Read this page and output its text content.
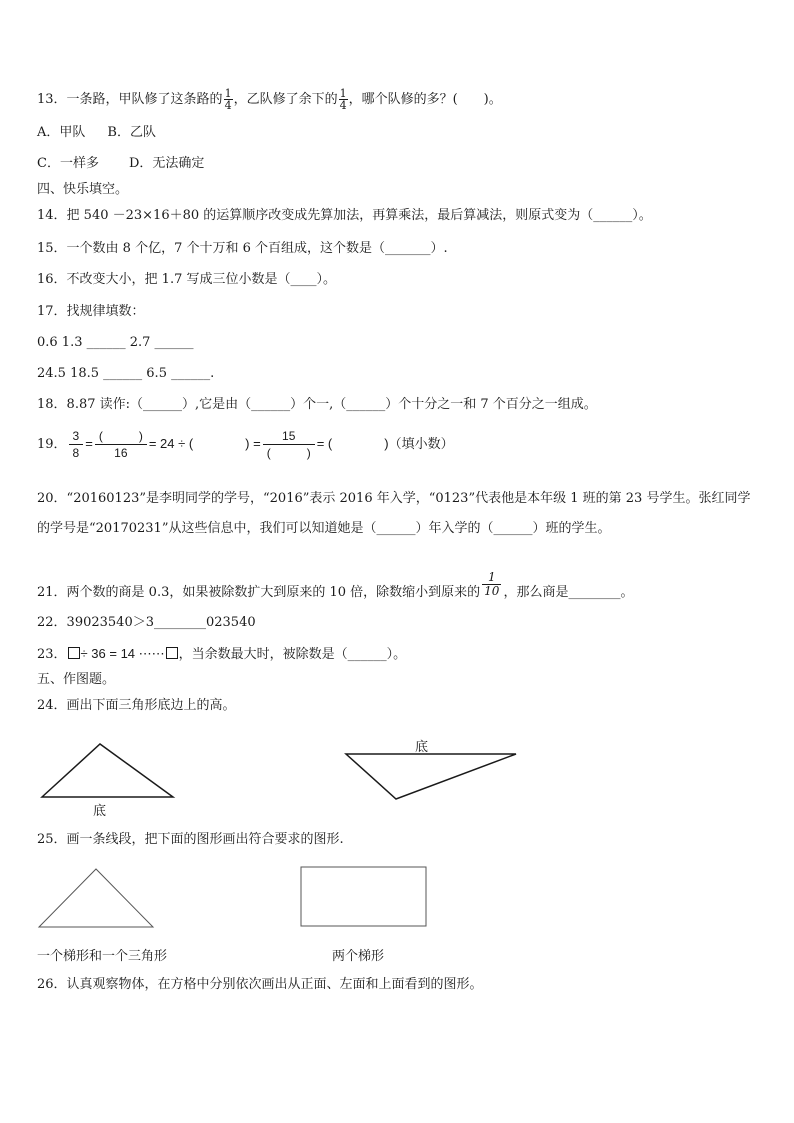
13．一条路，甲队修了这条路的 $\frac{1}{4}$ ，乙队修了余下的 $\frac{1}{4}$ ，哪个队修的多？(　　)。
A．甲队 B．乙队
C．一样多 D．无法确定
四、快乐填空。
14．把 540 －23×16＋80 的运算顺序改变成先算加法，再算乘法，最后算减法，则原式变为（______）。
15．一个数由 8 个亿，7 个十万和 6 个百组成，这个数是（_______）.
16．不改变大小，把 1.7 写成三位小数是（____）。
17．找规律填数：
0.6 1.3 ______ 2.7 ______
24.5 18.5 ______ 6.5 ______.
18．8.87 读作:（______）,它是由（______）个一,（______）个十分之一和 7 个百分之一组成。
19． $\frac{3}{8} = \frac{( )}{16} = 24$ ÷ (　　　　) = $\frac{15}{( )}$ = (　　　　)（填小数）
20．“20160123”是李明同学的学号，“2016”表示 2016 年入学，“0123”代表他是本年级 1 班的第 23 号学生。张红同学
的学号是“20170231”从这些信息中，我们可以知道她是（______）年入学的（______）班的学生。
21．两个数的商是 0.3，如果被除数扩大到原来的 10 倍，除数缩小到原来的 $\frac{1}{10}$ ，那么商是________。
22．39023540＞3________023540
23． ÷ 36 = 14 ⋯⋯ ，当余数最大时，被除数是（______）。
五、作图题。
24．画出下面三角形底边上的高。
底
底
25．画一条线段，把下面的图形画出符合要求的图形.
一个梯形和一个三角形	两个梯形
26．认真观察物体，在方格中分别依次画出从正面、左面和上面看到的图形。
